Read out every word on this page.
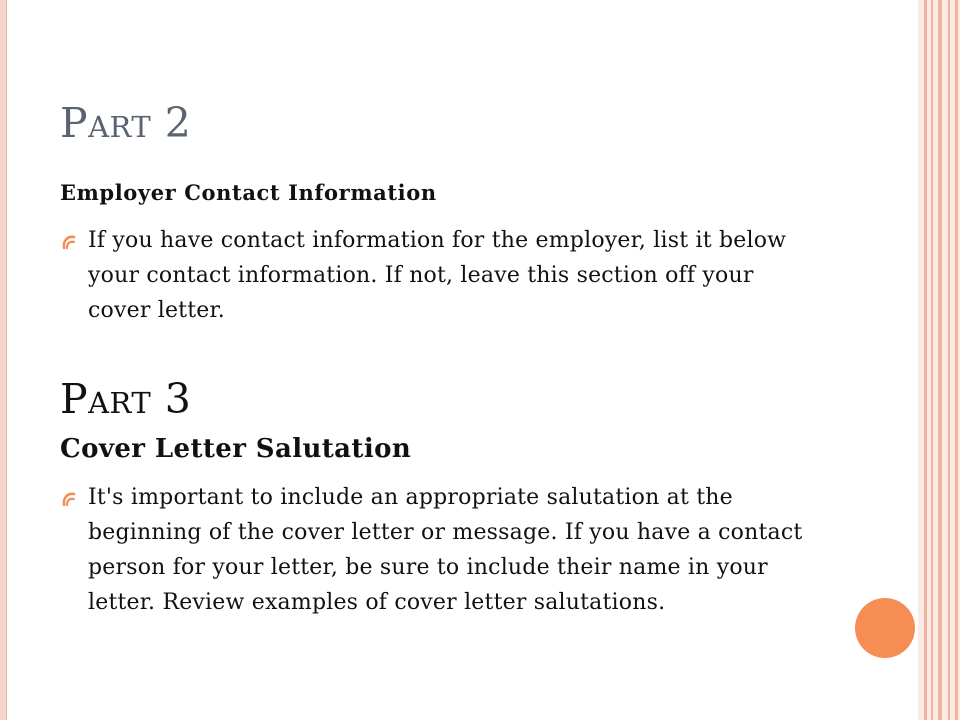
Part 2
Employer Contact Information

If you have contact information for the employer, list it below your contact information. If not, leave this section off your cover letter.

Part 3
Cover Letter Salutation

It's important to include an appropriate salutation at the beginning of the cover letter or message. If you have a contact person for your letter, be sure to include their name in your letter. Review examples of cover letter salutations.
